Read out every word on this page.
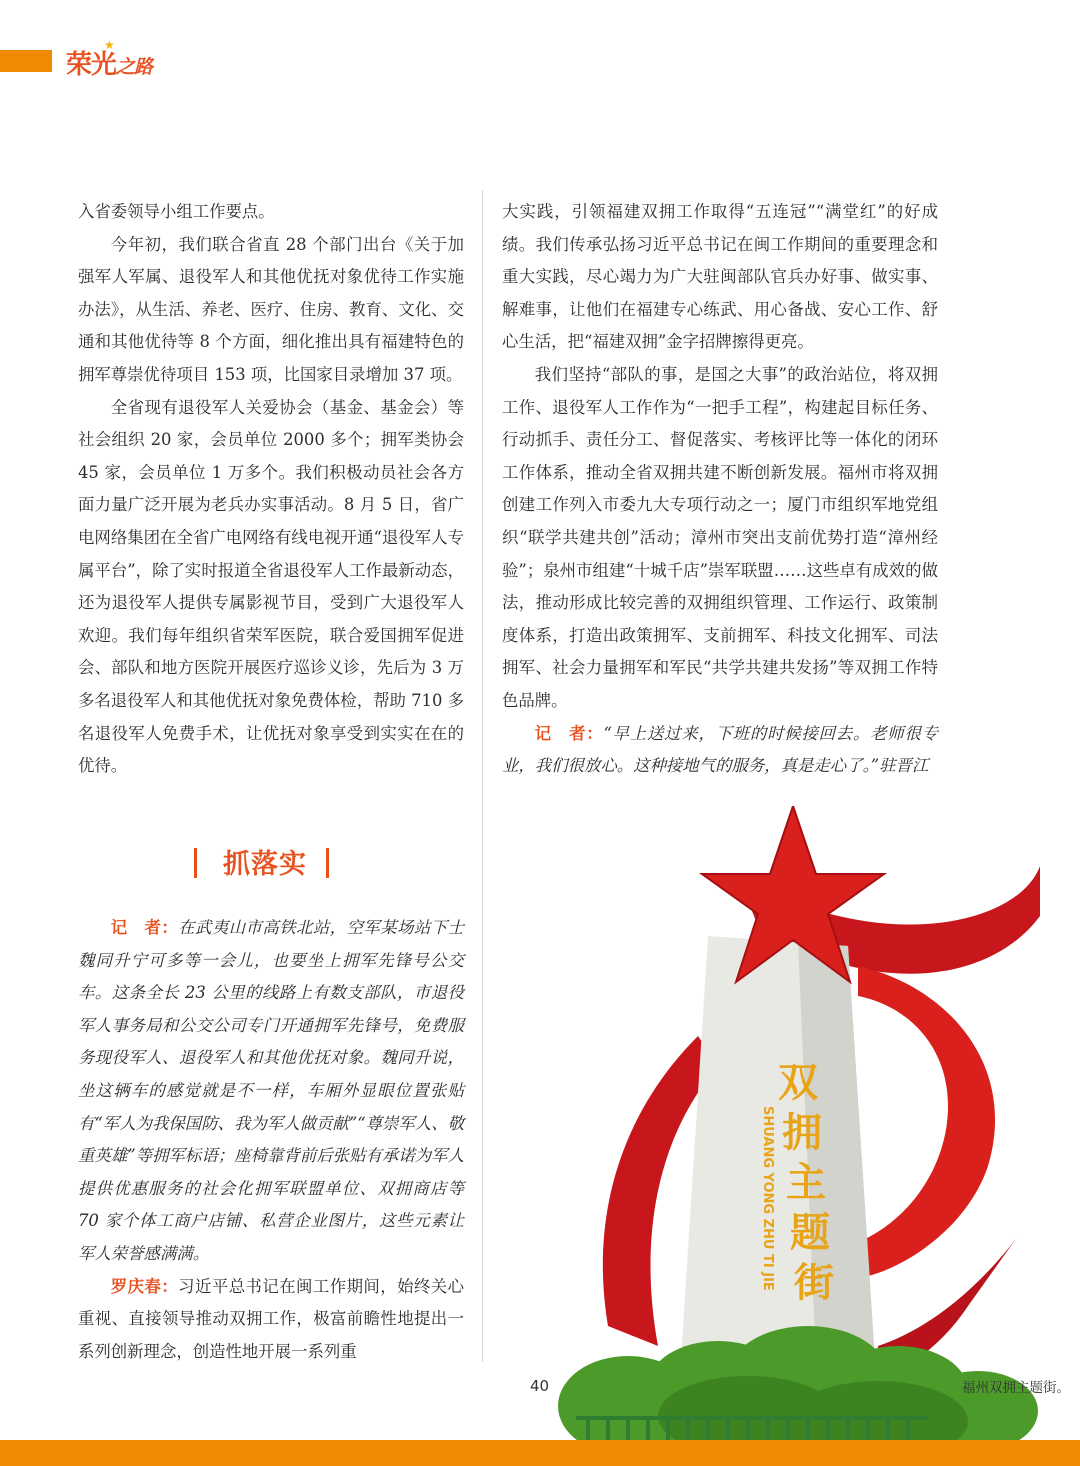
荣光之路
★

入省委领导小组工作要点。

今年初，我们联合省直 28 个部门出台《关于加强军人军属、退役军人和其他优抚对象优待工作实施办法》，从生活、养老、医疗、住房、教育、文化、交通和其他优待等 8 个方面，细化推出具有福建特色的拥军尊崇优待项目 153 项，比国家目录增加 37 项。

全省现有退役军人关爱协会（基金、基金会）等社会组织 20 家，会员单位 2000 多个；拥军类协会 45 家，会员单位 1 万多个。我们积极动员社会各方面力量广泛开展为老兵办实事活动。8 月 5 日，省广电网络集团在全省广电网络有线电视开通“退役军人专属平台”，除了实时报道全省退役军人工作最新动态，还为退役军人提供专属影视节目，受到广大退役军人欢迎。我们每年组织省荣军医院，联合爱国拥军促进会、部队和地方医院开展医疗巡诊义诊，先后为 3 万多名退役军人和其他优抚对象免费体检，帮助 710 多名退役军人免费手术，让优抚对象享受到实实在在的优待。

抓落实

记　者：在武夷山市高铁北站，空军某场站下士魏同升宁可多等一会儿，也要坐上拥军先锋号公交车。这条全长 23 公里的线路上有数支部队，市退役军人事务局和公交公司专门开通拥军先锋号，免费服务现役军人、退役军人和其他优抚对象。魏同升说，坐这辆车的感觉就是不一样，车厢外显眼位置张贴有“军人为我保国防、我为军人做贡献”“尊崇军人、敬重英雄”等拥军标语；座椅靠背前后张贴有承诺为军人提供优惠服务的社会化拥军联盟单位、双拥商店等 70 家个体工商户店铺、私营企业图片，这些元素让军人荣誉感满满。

罗庆春：习近平总书记在闽工作期间，始终关心重视、直接领导推动双拥工作，极富前瞻性地提出一系列创新理念，创造性地开展一系列重

大实践，引领福建双拥工作取得“五连冠”“满堂红”的好成绩。我们传承弘扬习近平总书记在闽工作期间的重要理念和重大实践，尽心竭力为广大驻闽部队官兵办好事、做实事、解难事，让他们在福建专心练武、用心备战、安心工作、舒心生活，把“福建双拥”金字招牌擦得更亮。

我们坚持“部队的事，是国之大事”的政治站位，将双拥工作、退役军人工作作为“一把手工程”，构建起目标任务、行动抓手、责任分工、督促落实、考核评比等一体化的闭环工作体系，推动全省双拥共建不断创新发展。福州市将双拥创建工作列入市委九大专项行动之一；厦门市组织军地党组织“联学共建共创”活动；漳州市突出支前优势打造“漳州经验”；泉州市组建“十城千店”崇军联盟……这些卓有成效的做法，推动形成比较完善的双拥组织管理、工作运行、政策制度体系，打造出政策拥军、支前拥军、科技文化拥军、司法拥军、社会力量拥军和军民“共学共建共发扬”等双拥工作特色品牌。

记　者：“早上送过来，下班的时候接回去。老师很专业，我们很放心。这种接地气的服务，真是走心了。”驻晋江

双
拥
主
题
街
SHUANG YONG ZHU TI JIE
40	福州双拥主题街。
